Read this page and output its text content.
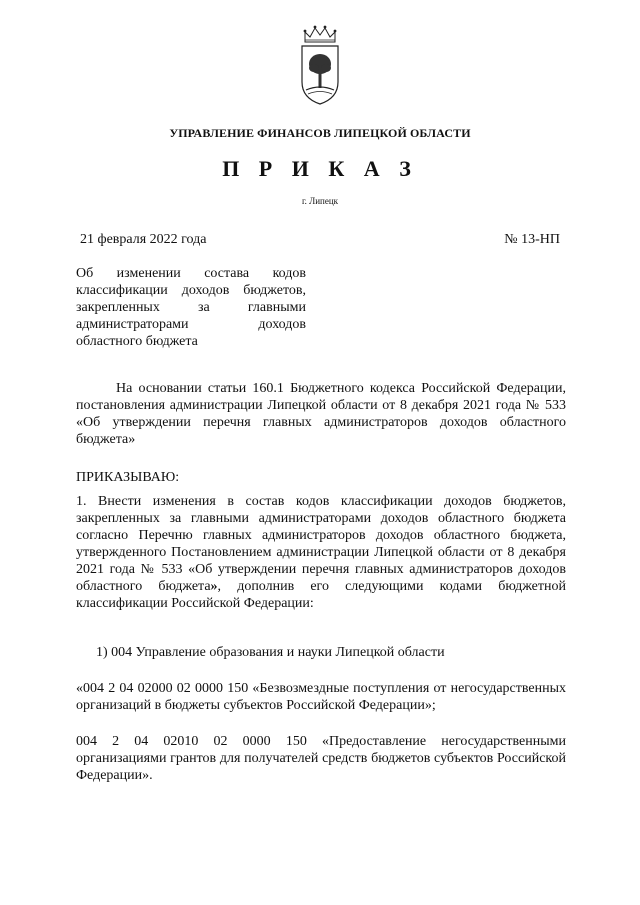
УПРАВЛЕНИЕ ФИНАНСОВ ЛИПЕЦКОЙ ОБЛАСТИ
П Р И К А З
г. Липецк
21 февраля 2022 года	№ 13-НП
Об изменении состава кодов
классификации доходов бюджетов,
закрепленных за главными
администраторами доходов
областного бюджета
На основании статьи 160.1 Бюджетного кодекса Российской Федерации, постановления администрации Липецкой области от 8 декабря 2021 года № 533 «Об утверждении перечня главных администраторов доходов областного бюджета»
ПРИКАЗЫВАЮ:
1. Внести изменения в состав кодов классификации доходов бюджетов, закрепленных за главными администраторами доходов областного бюджета согласно Перечню главных администраторов доходов областного бюджета, утвержденного Постановлением администрации Липецкой области от 8 декабря 2021 года № 533 «Об утверждении перечня главных администраторов доходов областного бюджета», дополнив его следующими кодами бюджетной классификации Российской Федерации:
1) 004 Управление образования и науки Липецкой области
«004 2 04 02000 02 0000 150 «Безвозмездные поступления от негосударственных организаций в бюджеты субъектов Российской Федерации»;
004 2 04 02010 02 0000 150 «Предоставление негосударственными организациями грантов для получателей средств бюджетов субъектов Российской Федерации».
